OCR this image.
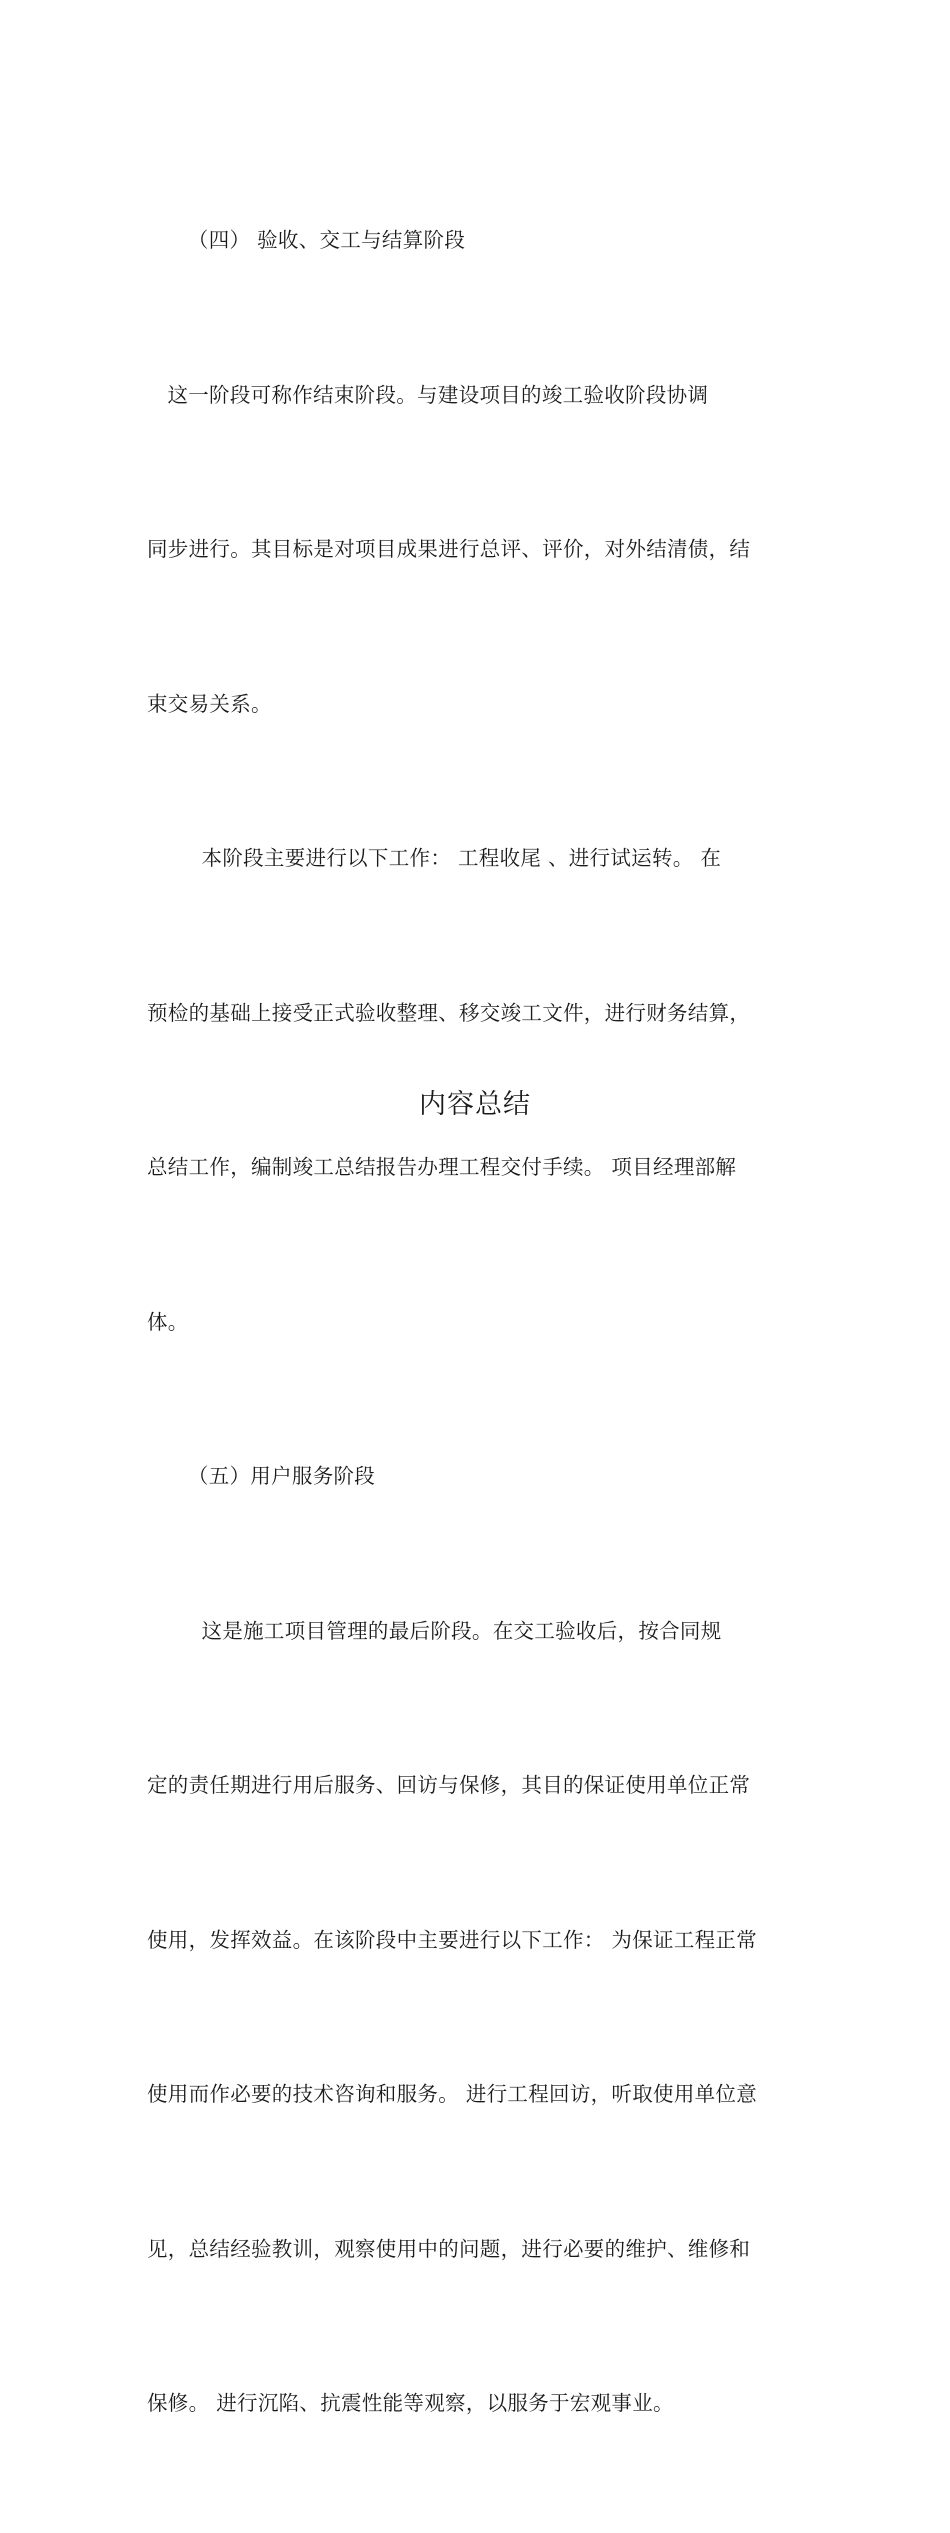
（四） 验收、交工与结算阶段

这一阶段可称作结束阶段。与建设项目的竣工验收阶段协调

同步进行。其目标是对项目成果进行总评、评价，对外结清债，结

束交易关系。

本阶段主要进行以下工作： 工程收尾 、进行试运转。 在

预检的基础上接受正式验收整理、移交竣工文件，进行财务结算，

总结工作，编制竣工总结报告办理工程交付手续。 项目经理部解

体。

（五）用户服务阶段

这是施工项目管理的最后阶段。在交工验收后，按合同规

定的责任期进行用后服务、回访与保修，其目的保证使用单位正常

使用，发挥效益。在该阶段中主要进行以下工作： 为保证工程正常

使用而作必要的技术咨询和服务。 进行工程回访，听取使用单位意

见，总结经验教训，观察使用中的问题，进行必要的维护、维修和

保修。 进行沉陷、抗震性能等观察，以服务于宏观事业。

内容总结
